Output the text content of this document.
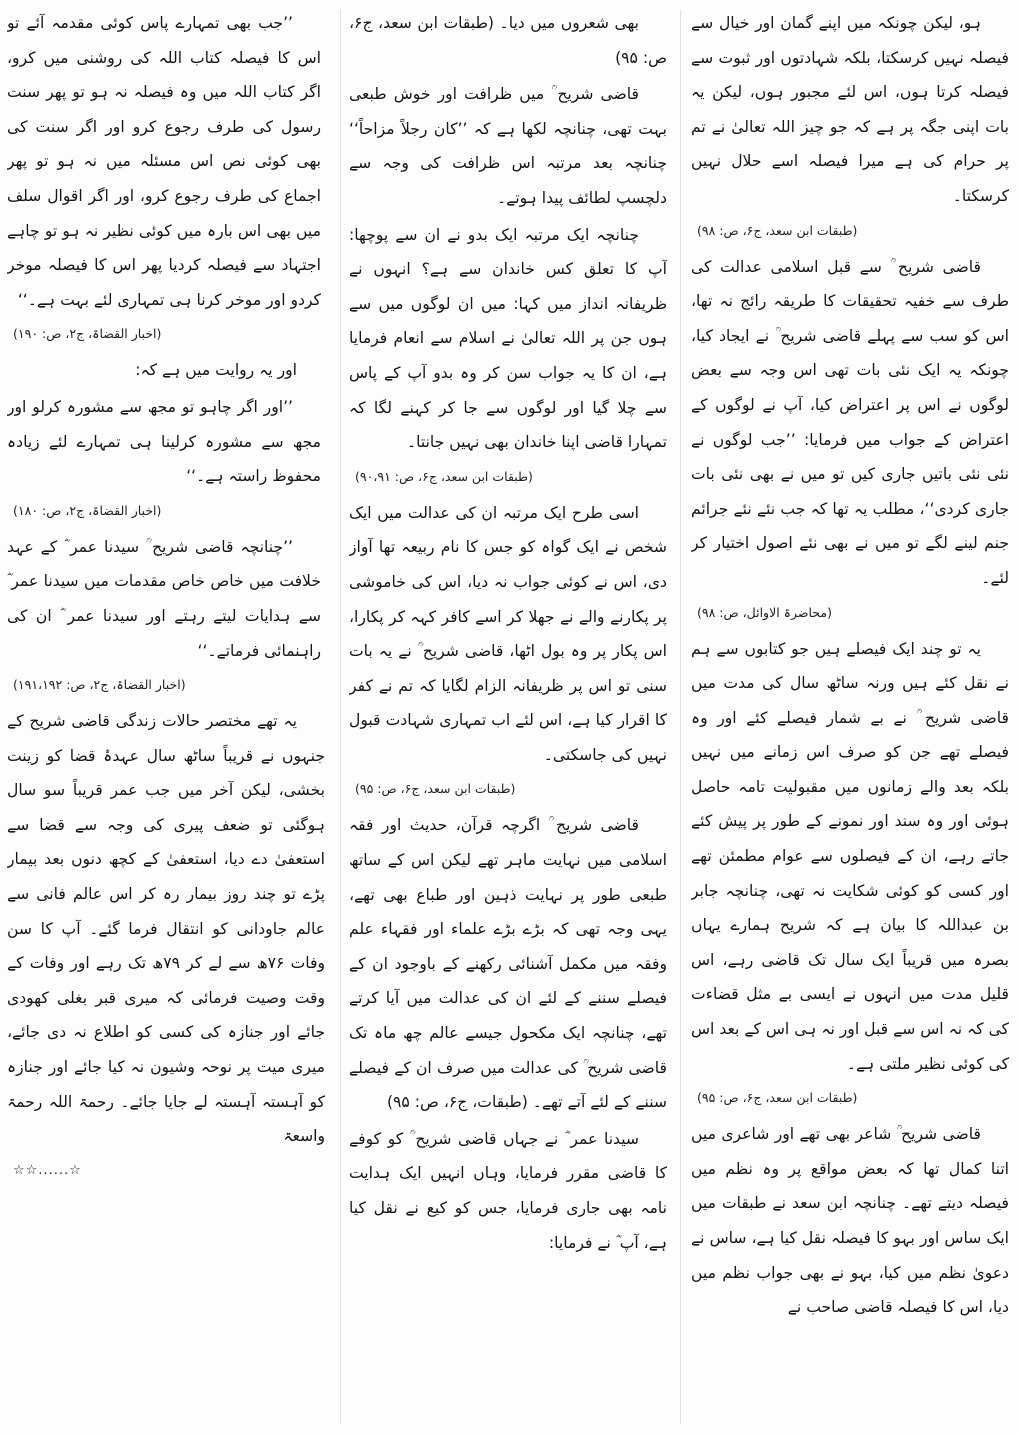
ہو، لیکن چونکہ میں اپنے گمان اور خیال سے فیصلہ نہیں کرسکتا، بلکہ شہادتوں اور ثبوت سے فیصلہ کرتا ہوں، اس لئے مجبور ہوں، لیکن یہ بات اپنی جگہ پر ہے کہ جو چیز اللہ تعالیٰ نے تم پر حرام کی ہے میرا فیصلہ اسے حلال نہیں کرسکتا۔

(طبقات ابن سعد، ج۶، ص: ۹۸)

قاضی شریح ؒ سے قبل اسلامی عدالت کی طرف سے خفیہ تحقیقات کا طریقہ رائج نہ تھا، اس کو سب سے پہلے قاضی شریح ؒ نے ایجاد کیا، چونکہ یہ ایک نئی بات تھی اس وجہ سے بعض لوگوں نے اس پر اعتراض کیا، آپ نے لوگوں کے اعتراض کے جواب میں فرمایا: ’’جب لوگوں نے نئی نئی باتیں جاری کیں تو میں نے بھی نئی بات جاری کردی‘‘، مطلب یہ تھا کہ جب نئے نئے جرائم جنم لینے لگے تو میں نے بھی نئے اصول اختیار کر لئے۔

(محاضرۃ الاوائل، ص: ۹۸)

یہ تو چند ایک فیصلے ہیں جو کتابوں سے ہم نے نقل کئے ہیں ورنہ ساٹھ سال کی مدت میں قاضی شریح ؒ نے بے شمار فیصلے کئے اور وہ فیصلے تھے جن کو صرف اس زمانے میں نہیں بلکہ بعد والے زمانوں میں مقبولیت تامہ حاصل ہوئی اور وہ سند اور نمونے کے طور پر پیش کئے جاتے رہے، ان کے فیصلوں سے عوام مطمئن تھے اور کسی کو کوئی شکایت نہ تھی، چنانچہ جابر بن عبداللہ کا بیان ہے کہ شریح ہمارے یہاں بصرہ میں قریباً ایک سال تک قاضی رہے، اس قلیل مدت میں انہوں نے ایسی بے مثل قضاءت کی کہ نہ اس سے قبل اور نہ ہی اس کے بعد اس کی کوئی نظیر ملتی ہے۔

(طبقات ابن سعد، ج۶، ص: ۹۵)

قاضی شریح ؒ شاعر بھی تھے اور شاعری میں اتنا کمال تھا کہ بعض مواقع پر وہ نظم میں فیصلہ دیتے تھے۔ چنانچہ ابن سعد نے طبقات میں ایک ساس اور بہو کا فیصلہ نقل کیا ہے، ساس نے دعویٰ نظم میں کیا، بہو نے بھی جواب نظم میں دیا، اس کا فیصلہ قاضی صاحب نے

بھی شعروں میں دیا۔ (طبقات ابن سعد، ج۶، ص: ۹۵)

قاضی شریح ؒ میں ظرافت اور خوش طبعی بہت تھی، چنانچہ لکھا ہے کہ ’’کان رجلاً مزاحاً‘‘ چنانچہ بعد مرتبہ اس ظرافت کی وجہ سے دلچسپ لطائف پیدا ہوتے۔

چنانچہ ایک مرتبہ ایک بدو نے ان سے پوچھا: آپ کا تعلق کس خاندان سے ہے؟ انہوں نے ظریفانہ انداز میں کہا: میں ان لوگوں میں سے ہوں جن پر اللہ تعالیٰ نے اسلام سے انعام فرمایا ہے، ان کا یہ جواب سن کر وہ بدو آپ کے پاس سے چلا گیا اور لوگوں سے جا کر کہنے لگا کہ تمہارا قاضی اپنا خاندان بھی نہیں جانتا۔

(طبقات ابن سعد، ج۶، ص: ۹۰،۹۱)

اسی طرح ایک مرتبہ ان کی عدالت میں ایک شخص نے ایک گواہ کو جس کا نام ربیعہ تھا آواز دی، اس نے کوئی جواب نہ دیا، اس کی خاموشی پر پکارنے والے نے جھلا کر اسے کافر کہہ کر پکارا، اس پکار پر وہ بول اٹھا، قاضی شریح ؒ نے یہ بات سنی تو اس پر ظریفانہ الزام لگایا کہ تم نے کفر کا اقرار کیا ہے، اس لئے اب تمہاری شہادت قبول نہیں کی جاسکتی۔

(طبقات ابن سعد، ج۶، ص: ۹۵)

قاضی شریح ؒ اگرچہ قرآن، حدیث اور فقہ اسلامی میں نہایت ماہر تھے لیکن اس کے ساتھ طبعی طور پر نہایت ذہین اور طباع بھی تھے، یہی وجہ تھی کہ بڑے بڑے علماء اور فقہاء علم وفقہ میں مکمل آشنائی رکھنے کے باوجود ان کے فیصلے سننے کے لئے ان کی عدالت میں آیا کرتے تھے، چنانچہ ایک مکحول جیسے عالم چھ ماہ تک قاضی شریح ؒ کی عدالت میں صرف ان کے فیصلے سننے کے لئے آتے تھے۔ (طبقات، ج۶، ص: ۹۵)

سیدنا عمر ؓ نے جہاں قاضی شریح ؒ کو کوفے کا قاضی مقرر فرمایا، وہاں انہیں ایک ہدایت نامہ بھی جاری فرمایا، جس کو کیع نے نقل کیا ہے، آپ ؓ نے فرمایا:

’’جب بھی تمہارے پاس کوئی مقدمہ آئے تو اس کا فیصلہ کتاب اللہ کی روشنی میں کرو، اگر کتاب اللہ میں وہ فیصلہ نہ ہو تو پھر سنت رسول کی طرف رجوع کرو اور اگر سنت کی بھی کوئی نص اس مسئلہ میں نہ ہو تو پھر اجماع کی طرف رجوع کرو، اور اگر اقوال سلف میں بھی اس بارہ میں کوئی نظیر نہ ہو تو چاہے اجتہاد سے فیصلہ کردیا پھر اس کا فیصلہ موخر کردو اور موخر کرنا ہی تمہاری لئے بہت ہے۔‘‘

(اخبار القضاۃ، ج۲، ص: ۱۹۰)

اور یہ روایت میں ہے کہ:

’’اور اگر چاہو تو مجھ سے مشورہ کرلو اور مجھ سے مشورہ کرلینا ہی تمہارے لئے زیادہ محفوظ راستہ ہے۔‘‘

(اخبار القضاۃ، ج۲، ص: ۱۸۰)

’’چنانچہ قاضی شریح ؒ سیدنا عمر ؓ کے عہد خلافت میں خاص خاص مقدمات میں سیدنا عمر ؓ سے ہدایات لیتے رہتے اور سیدنا عمر ؓ ان کی راہنمائی فرماتے۔‘‘

(اخبار القضاۃ، ج۲، ص: ۱۹۱،۱۹۲)

یہ تھے مختصر حالات زندگی قاضی شریح کے جنہوں نے قریباً ساٹھ سال عہدۂ قضا کو زینت بخشی، لیکن آخر میں جب عمر قریباً سو سال ہوگئی تو ضعف پیری کی وجہ سے قضا سے استعفیٰ دے دیا، استعفیٰ کے کچھ دنوں بعد بیمار پڑے تو چند روز بیمار رہ کر اس عالم فانی سے عالم جاودانی کو انتقال فرما گئے۔ آپ کا سن وفات ۷۶ھ سے لے کر ۷۹ھ تک رہے اور وفات کے وقت وصیت فرمائی کہ میری قبر بغلی کھودی جائے اور جنازہ کی کسی کو اطلاع نہ دی جائے، میری میت پر نوحہ وشیون نہ کیا جائے اور جنازہ کو آہستہ آہستہ لے جایا جائے۔ رحمۃ اللہ رحمۃ واسعۃ

☆......☆☆
